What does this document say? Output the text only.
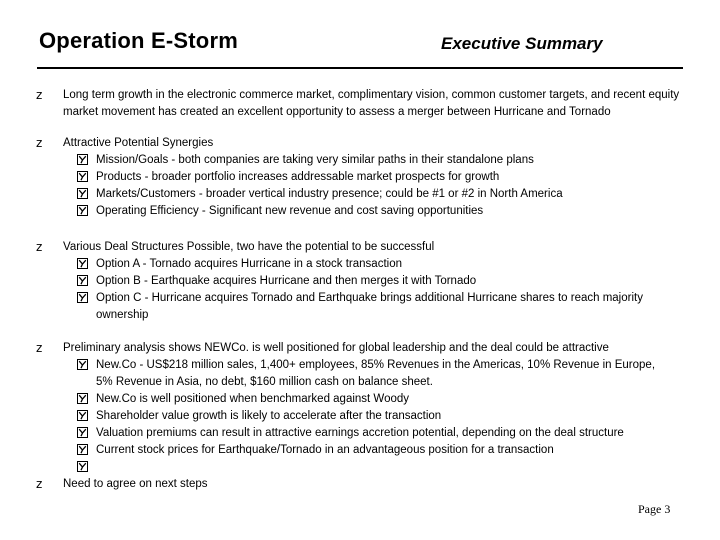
Operation E-Storm	Executive Summary
z Long term growth in the electronic commerce market, complimentary vision, common customer targets, and recent equity market movement has created an excellent opportunity to assess a merger between Hurricane and Tornado
z Attractive Potential Synergies
Mission/Goals - both companies are taking very similar paths in their standalone plans
Products - broader portfolio increases addressable market prospects for growth
Markets/Customers - broader vertical industry presence; could be #1 or #2 in North America
Operating Efficiency - Significant new revenue and cost saving opportunities
z Various Deal Structures Possible, two have the potential to be successful
Option A - Tornado acquires Hurricane in a stock transaction
Option B - Earthquake acquires Hurricane and then merges it with Tornado
Option C - Hurricane acquires Tornado and Earthquake brings additional Hurricane shares to reach majority ownership
z Preliminary analysis shows NEWCo. is well positioned for global leadership and the deal could be attractive
New.Co - US$218 million sales, 1,400+ employees, 85% Revenues in the Americas, 10% Revenue in Europe, 5% Revenue in Asia, no debt, $160 million cash on balance sheet.
New.Co is well positioned when benchmarked against Woody
Shareholder value growth is likely to accelerate after the transaction
Valuation premiums can result in attractive earnings accretion potential, depending on the deal structure
Current stock prices for Earthquake/Tornado in an advantageous position for a transaction
z Need to agree on next steps
Page 3
